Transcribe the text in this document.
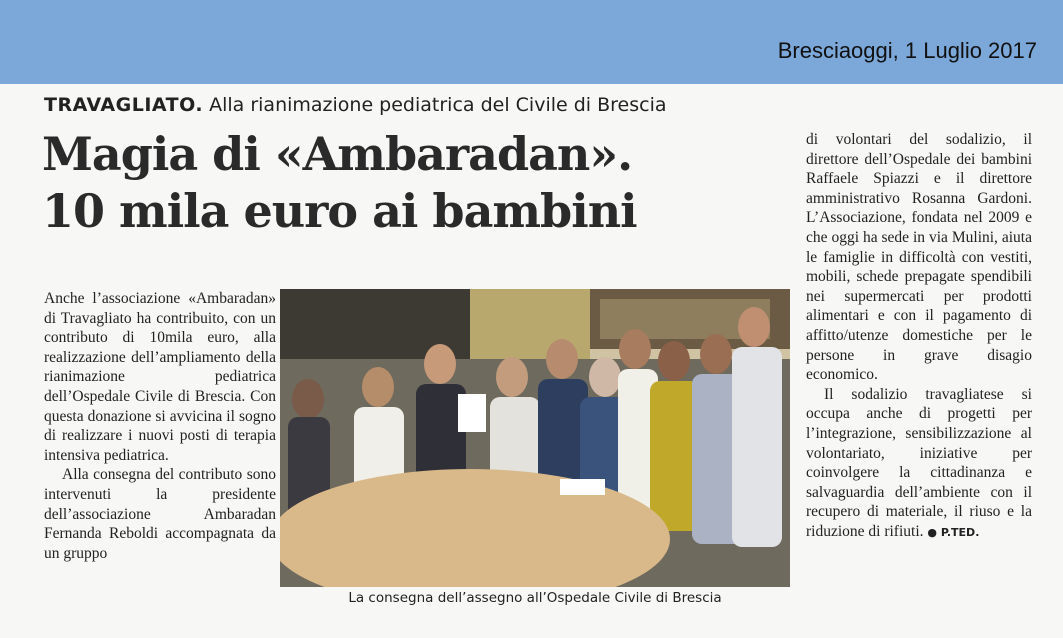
Bresciaoggi, 1 Luglio 2017
TRAVAGLIATO. Alla rianimazione pediatrica del Civile di Brescia
Magia di «Ambaradan».
10 mila euro ai bambini

Anche l’associazione «Ambaradan» di Travagliato ha contribuito, con un contributo di 10mila euro, alla realizzazione dell’ampliamento della rianimazione pediatrica dell’Ospedale Civile di Brescia. Con questa donazione si avvicina il sogno di realizzare i nuovi posti di terapia intensiva pediatrica.

Alla consegna del contributo sono intervenuti la presidente dell’associazione Ambaradan Fernanda Reboldi accompagnata da un gruppo

La consegna dell’assegno all’Ospedale Civile di Brescia

di volontari del sodalizio, il direttore dell’Ospedale dei bambini Raffaele Spiazzi e il direttore amministrativo Rosanna Gardoni. L’Associazione, fondata nel 2009 e che oggi ha sede in via Mulini, aiuta le famiglie in difficoltà con vestiti, mobili, schede prepagate spendibili nei supermercati per prodotti alimentari e con il pagamento di affitto/utenze domestiche per le persone in grave disagio economico.

Il sodalizio travagliatese si occupa anche di progetti per l’integrazione, sensibilizzazione al volontariato, iniziative per coinvolgere la cittadinanza e salvaguardia dell’ambiente con il recupero di materiale, il riuso e la riduzione di rifiuti. ● P.TED.
